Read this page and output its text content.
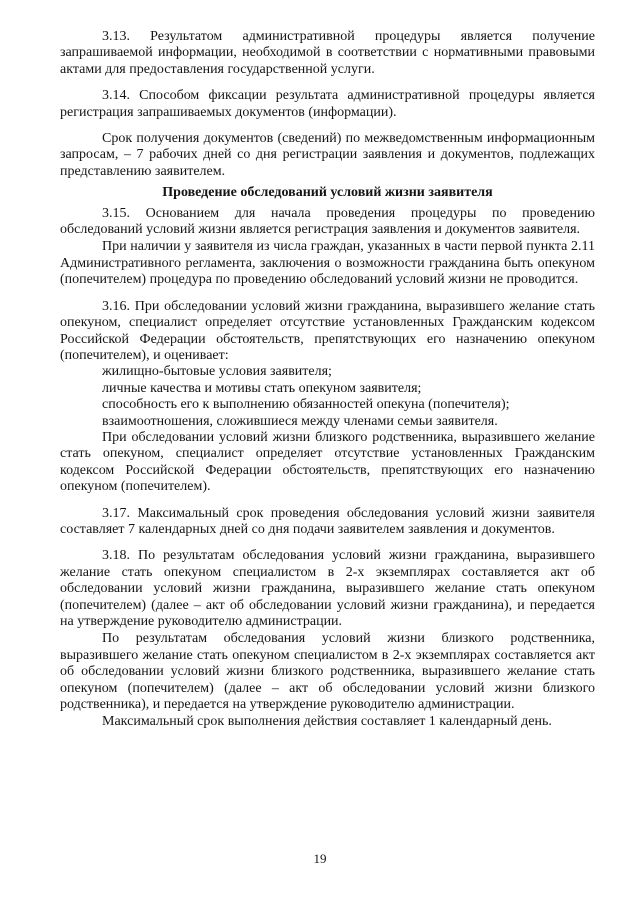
3.13. Результатом административной процедуры является получение запрашиваемой информации, необходимой в соответствии с нормативными правовыми актами для предоставления государственной услуги.

3.14. Способом фиксации результата административной процедуры является регистрация запрашиваемых документов (информации).

Срок получения документов (сведений) по межведомственным информационным запросам, – 7 рабочих дней со дня регистрации заявления и документов, подлежащих представлению заявителем.

Проведение обследований условий жизни заявителя

3.15. Основанием для начала проведения процедуры по проведению обследований условий жизни является регистрация заявления и документов заявителя.

При наличии у заявителя из числа граждан, указанных в части первой пункта 2.11 Административного регламента, заключения о возможности гражданина быть опекуном (попечителем) процедура по проведению обследований условий жизни не проводится.

3.16. При обследовании условий жизни гражданина, выразившего желание стать опекуном, специалист определяет отсутствие установленных Гражданским кодексом Российской Федерации обстоятельств, препятствующих его назначению опекуном (попечителем), и оценивает:

жилищно-бытовые условия заявителя;

личные качества и мотивы стать опекуном заявителя;

способность его к выполнению обязанностей опекуна (попечителя);

взаимоотношения, сложившиеся между членами семьи заявителя.

При обследовании условий жизни близкого родственника, выразившего желание стать опекуном, специалист определяет отсутствие установленных Гражданским кодексом Российской Федерации обстоятельств, препятствующих его назначению опекуном (попечителем).

3.17. Максимальный срок проведения обследования условий жизни заявителя составляет 7 календарных дней со дня подачи заявителем заявления и документов.

3.18. По результатам обследования условий жизни гражданина, выразившего желание стать опекуном специалистом в 2-х экземплярах составляется акт об обследовании условий жизни гражданина, выразившего желание стать опекуном (попечителем) (далее – акт об обследовании условий жизни гражданина), и передается на утверждение руководителю администрации.

По результатам обследования условий жизни близкого родственника, выразившего желание стать опекуном специалистом в 2-х экземплярах составляется акт об обследовании условий жизни близкого родственника, выразившего желание стать опекуном (попечителем) (далее – акт об обследовании условий жизни близкого родственника), и передается на утверждение руководителю администрации.

Максимальный срок выполнения действия составляет 1 календарный день.

19
